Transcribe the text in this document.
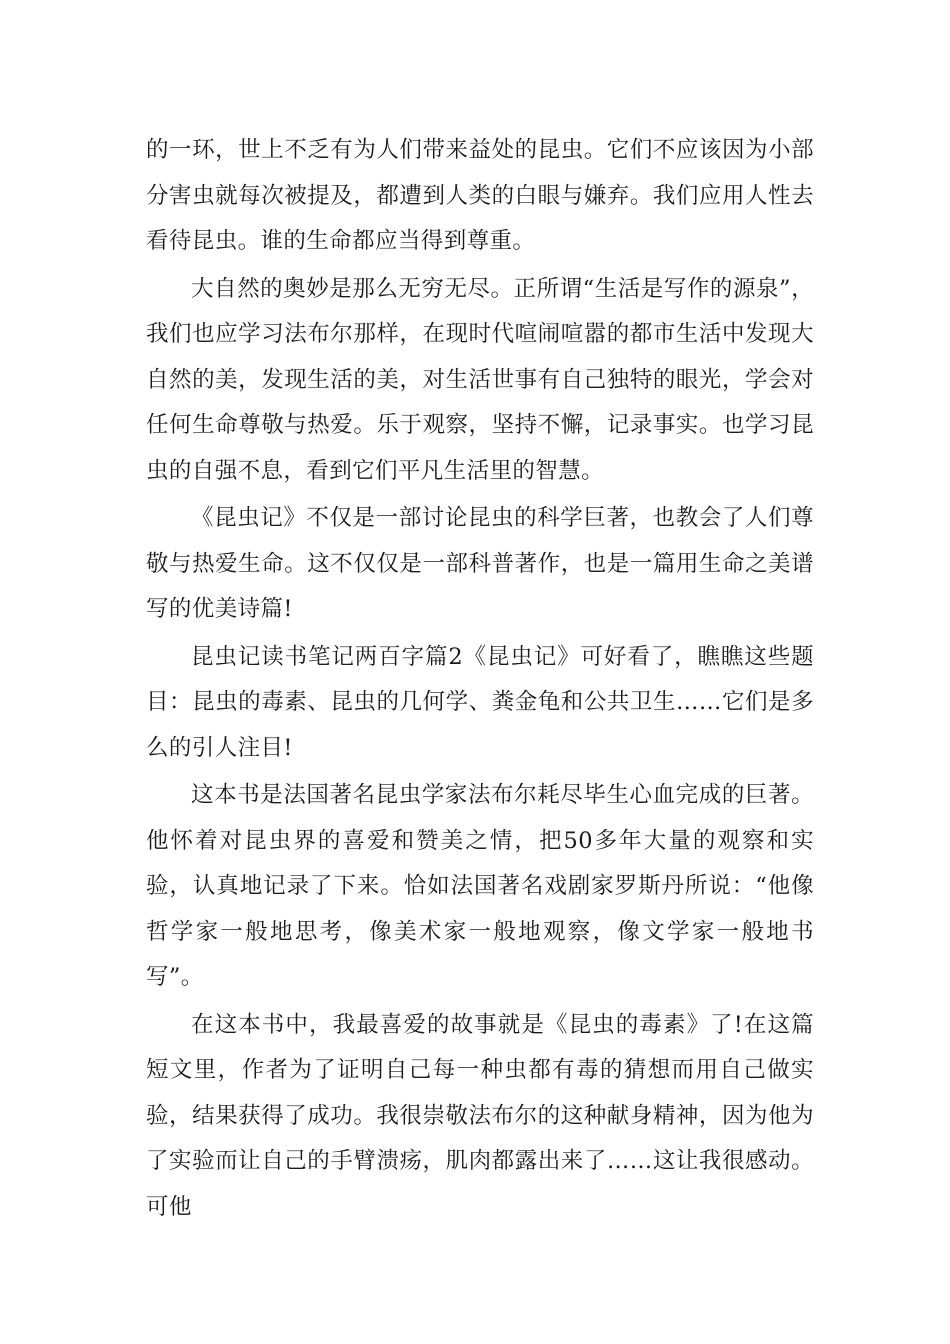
的一环，世上不乏有为人们带来益处的昆虫。它们不应该因为小部分害虫就每次被提及，都遭到人类的白眼与嫌弃。我们应用人性去看待昆虫。谁的生命都应当得到尊重。

大自然的奥妙是那么无穷无尽。正所谓“生活是写作的源泉”，我们也应学习法布尔那样，在现时代喧闹喧嚣的都市生活中发现大自然的美，发现生活的美，对生活世事有自己独特的眼光，学会对任何生命尊敬与热爱。乐于观察，坚持不懈，记录事实。也学习昆虫的自强不息，看到它们平凡生活里的智慧。

《昆虫记》不仅是一部讨论昆虫的科学巨著，也教会了人们尊敬与热爱生命。这不仅仅是一部科普著作，也是一篇用生命之美谱写的优美诗篇!

昆虫记读书笔记两百字篇2《昆虫记》可好看了，瞧瞧这些题目：昆虫的毒素、昆虫的几何学、粪金龟和公共卫生……它们是多么的引人注目!

这本书是法国著名昆虫学家法布尔耗尽毕生心血完成的巨著。他怀着对昆虫界的喜爱和赞美之情，把50多年大量的观察和实验，认真地记录了下来。恰如法国著名戏剧家罗斯丹所说：“他像哲学家一般地思考，像美术家一般地观察，像文学家一般地书写”。

在这本书中，我最喜爱的故事就是《昆虫的毒素》了!在这篇短文里，作者为了证明自己每一种虫都有毒的猜想而用自己做实验，结果获得了成功。我很崇敬法布尔的这种献身精神，因为他为了实验而让自己的手臂溃疡，肌肉都露出来了……这让我很感动。可他
